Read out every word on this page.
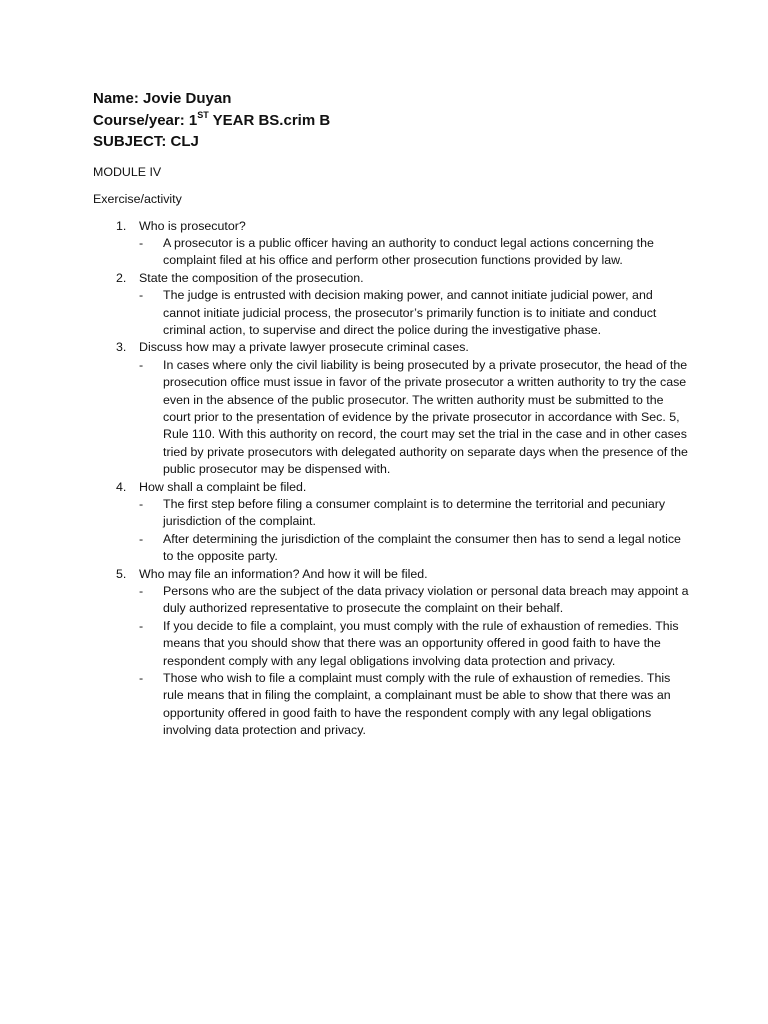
Name: Jovie Duyan
Course/year: 1ST YEAR BS.crim B
SUBJECT: CLJ
MODULE IV
Exercise/activity
1. Who is prosecutor?
- A prosecutor is a public officer having an authority to conduct legal actions concerning the complaint filed at his office and perform other prosecution functions provided by law.
2. State the composition of the prosecution.
- The judge is entrusted with decision making power, and cannot initiate judicial power, and cannot initiate judicial process, the prosecutor’s primarily function is to initiate and conduct criminal action, to supervise and direct the police during the investigative phase.
3. Discuss how may a private lawyer prosecute criminal cases.
- In cases where only the civil liability is being prosecuted by a private prosecutor, the head of the prosecution office must issue in favor of the private prosecutor a written authority to try the case even in the absence of the public prosecutor. The written authority must be submitted to the court prior to the presentation of evidence by the private prosecutor in accordance with Sec. 5, Rule 110. With this authority on record, the court may set the trial in the case and in other cases tried by private prosecutors with delegated authority on separate days when the presence of the public prosecutor may be dispensed with.
4. How shall a complaint be filed.
- The first step before filing a consumer complaint is to determine the territorial and pecuniary jurisdiction of the complaint.
- After determining the jurisdiction of the complaint the consumer then has to send a legal notice to the opposite party.
5. Who may file an information? And how it will be filed.
- Persons who are the subject of the data privacy violation or personal data breach may appoint a duly authorized representative to prosecute the complaint on their behalf.
- If you decide to file a complaint, you must comply with the rule of exhaustion of remedies. This means that you should show that there was an opportunity offered in good faith to have the respondent comply with any legal obligations involving data protection and privacy.
- Those who wish to file a complaint must comply with the rule of exhaustion of remedies. This rule means that in filing the complaint, a complainant must be able to show that there was an opportunity offered in good faith to have the respondent comply with any legal obligations involving data protection and privacy.
